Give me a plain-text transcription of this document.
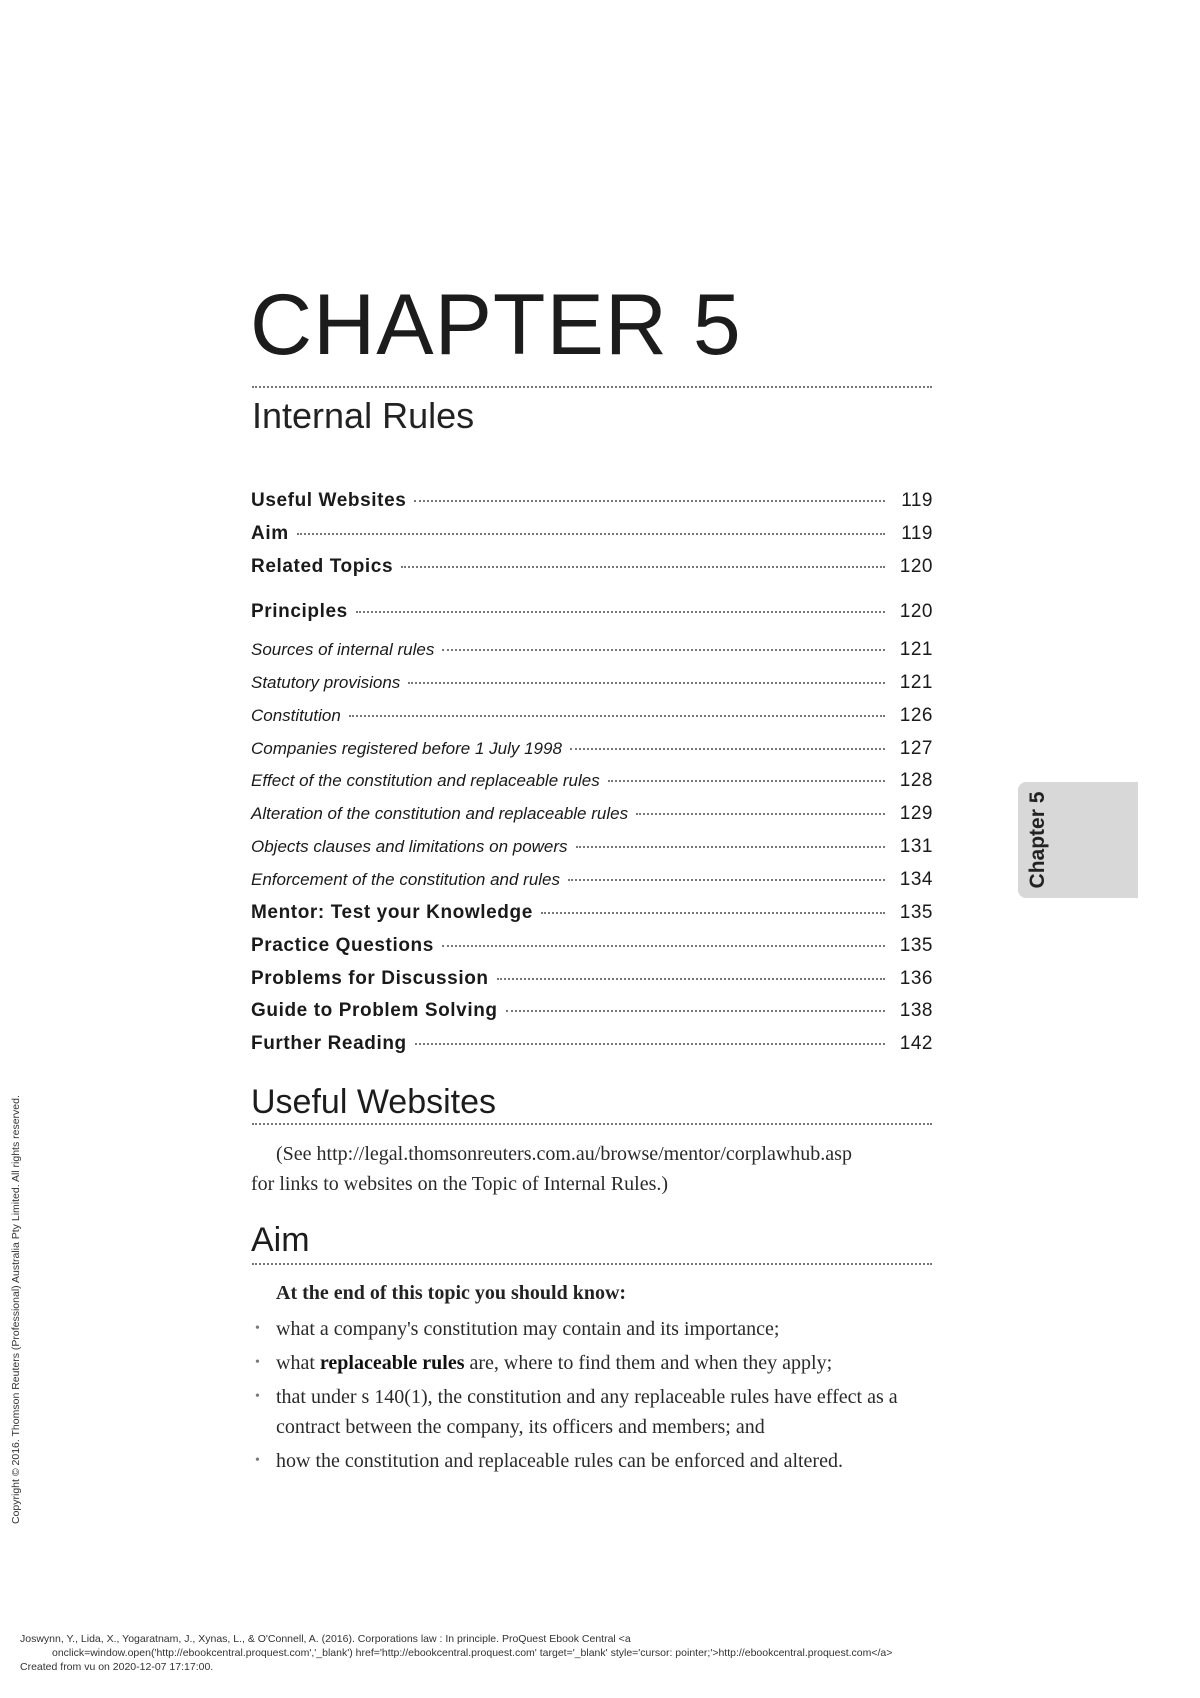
CHAPTER 5
Internal Rules
Useful Websites	119
Aim	119
Related Topics	120
Principles	120
Sources of internal rules	121
Statutory provisions	121
Constitution	126
Companies registered before 1 July 1998	127
Effect of the constitution and replaceable rules	128
Alteration of the constitution and replaceable rules	129
Objects clauses and limitations on powers	131
Enforcement of the constitution and rules	134
Mentor: Test your Knowledge	135
Practice Questions	135
Problems for Discussion	136
Guide to Problem Solving	138
Further Reading	142
Useful Websites
(See http://legal.thomsonreuters.com.au/browse/mentor/corplawhub.asp
for links to websites on the Topic of Internal Rules.)
Aim
At the end of this topic you should know:
• what a company's constitution may contain and its importance;
• what replaceable rules are, where to find them and when they apply;
• that under s 140(1), the constitution and any replaceable rules have effect as a contract between the company, its officers and members; and
• how the constitution and replaceable rules can be enforced and altered.
Chapter 5
Copyright © 2016. Thomson Reuters (Professional) Australia Pty Limited. All rights reserved.
Joswynn, Y., Lida, X., Yogaratnam, J., Xynas, L., & O'Connell, A. (2016). Corporations law : In principle. ProQuest Ebook Central <a
onclick=window.open('http://ebookcentral.proquest.com','_blank') href='http://ebookcentral.proquest.com' target='_blank' style='cursor: pointer;'>http://ebookcentral.proquest.com</a>
Created from vu on 2020-12-07 17:17:00.
